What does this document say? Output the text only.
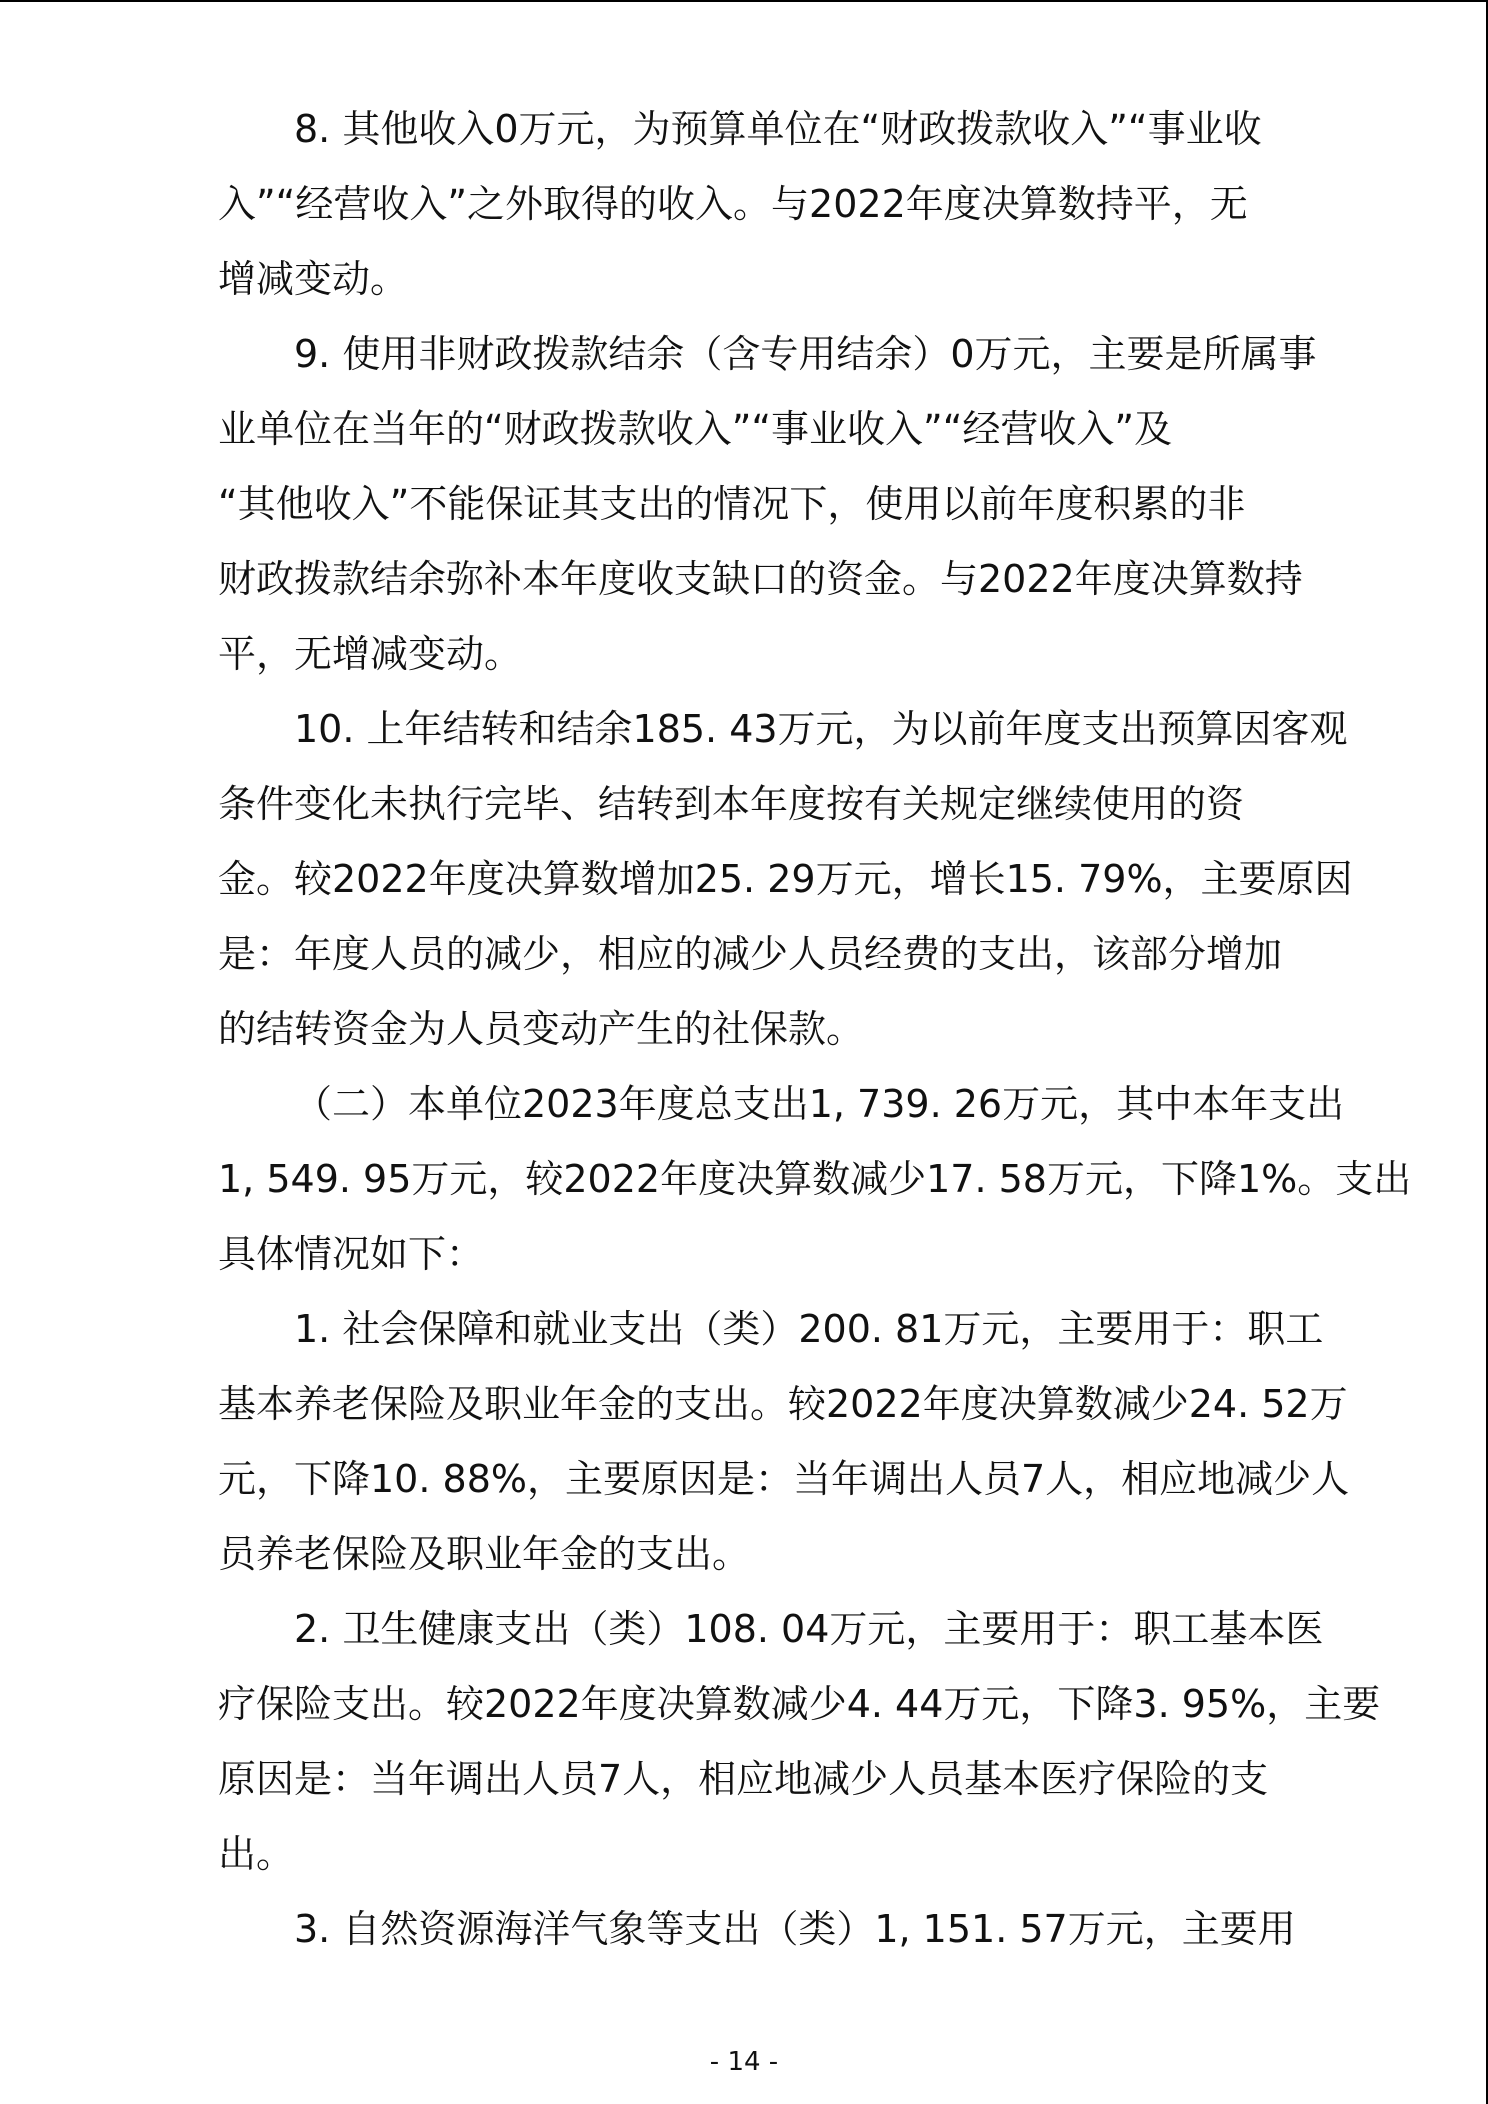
8. 其他收入0万元，为预算单位在“财政拨款收入”“事业收
入”“经营收入”之外取得的收入。与2022年度决算数持平，无
增减变动。
9. 使用非财政拨款结余（含专用结余）0万元，主要是所属事
业单位在当年的“财政拨款收入”“事业收入”“经营收入”及
“其他收入”不能保证其支出的情况下，使用以前年度积累的非
财政拨款结余弥补本年度收支缺口的资金。与2022年度决算数持
平，无增减变动。
10. 上年结转和结余185. 43万元，为以前年度支出预算因客观
条件变化未执行完毕、结转到本年度按有关规定继续使用的资
金。较2022年度决算数增加25. 29万元，增长15. 79%，主要原因
是：年度人员的减少，相应的减少人员经费的支出，该部分增加
的结转资金为人员变动产生的社保款。
（二）本单位2023年度总支出1, 739. 26万元，其中本年支出
1, 549. 95万元，较2022年度决算数减少17. 58万元，下降1%。支出
具体情况如下：
1. 社会保障和就业支出（类）200. 81万元，主要用于：职工
基本养老保险及职业年金的支出。较2022年度决算数减少24. 52万
元，下降10. 88%，主要原因是：当年调出人员7人，相应地减少人
员养老保险及职业年金的支出。
2. 卫生健康支出（类）108. 04万元，主要用于：职工基本医
疗保险支出。较2022年度决算数减少4. 44万元，下降3. 95%，主要
原因是：当年调出人员7人，相应地减少人员基本医疗保险的支
出。
3. 自然资源海洋气象等支出（类）1, 151. 57万元，主要用
- 14 -
